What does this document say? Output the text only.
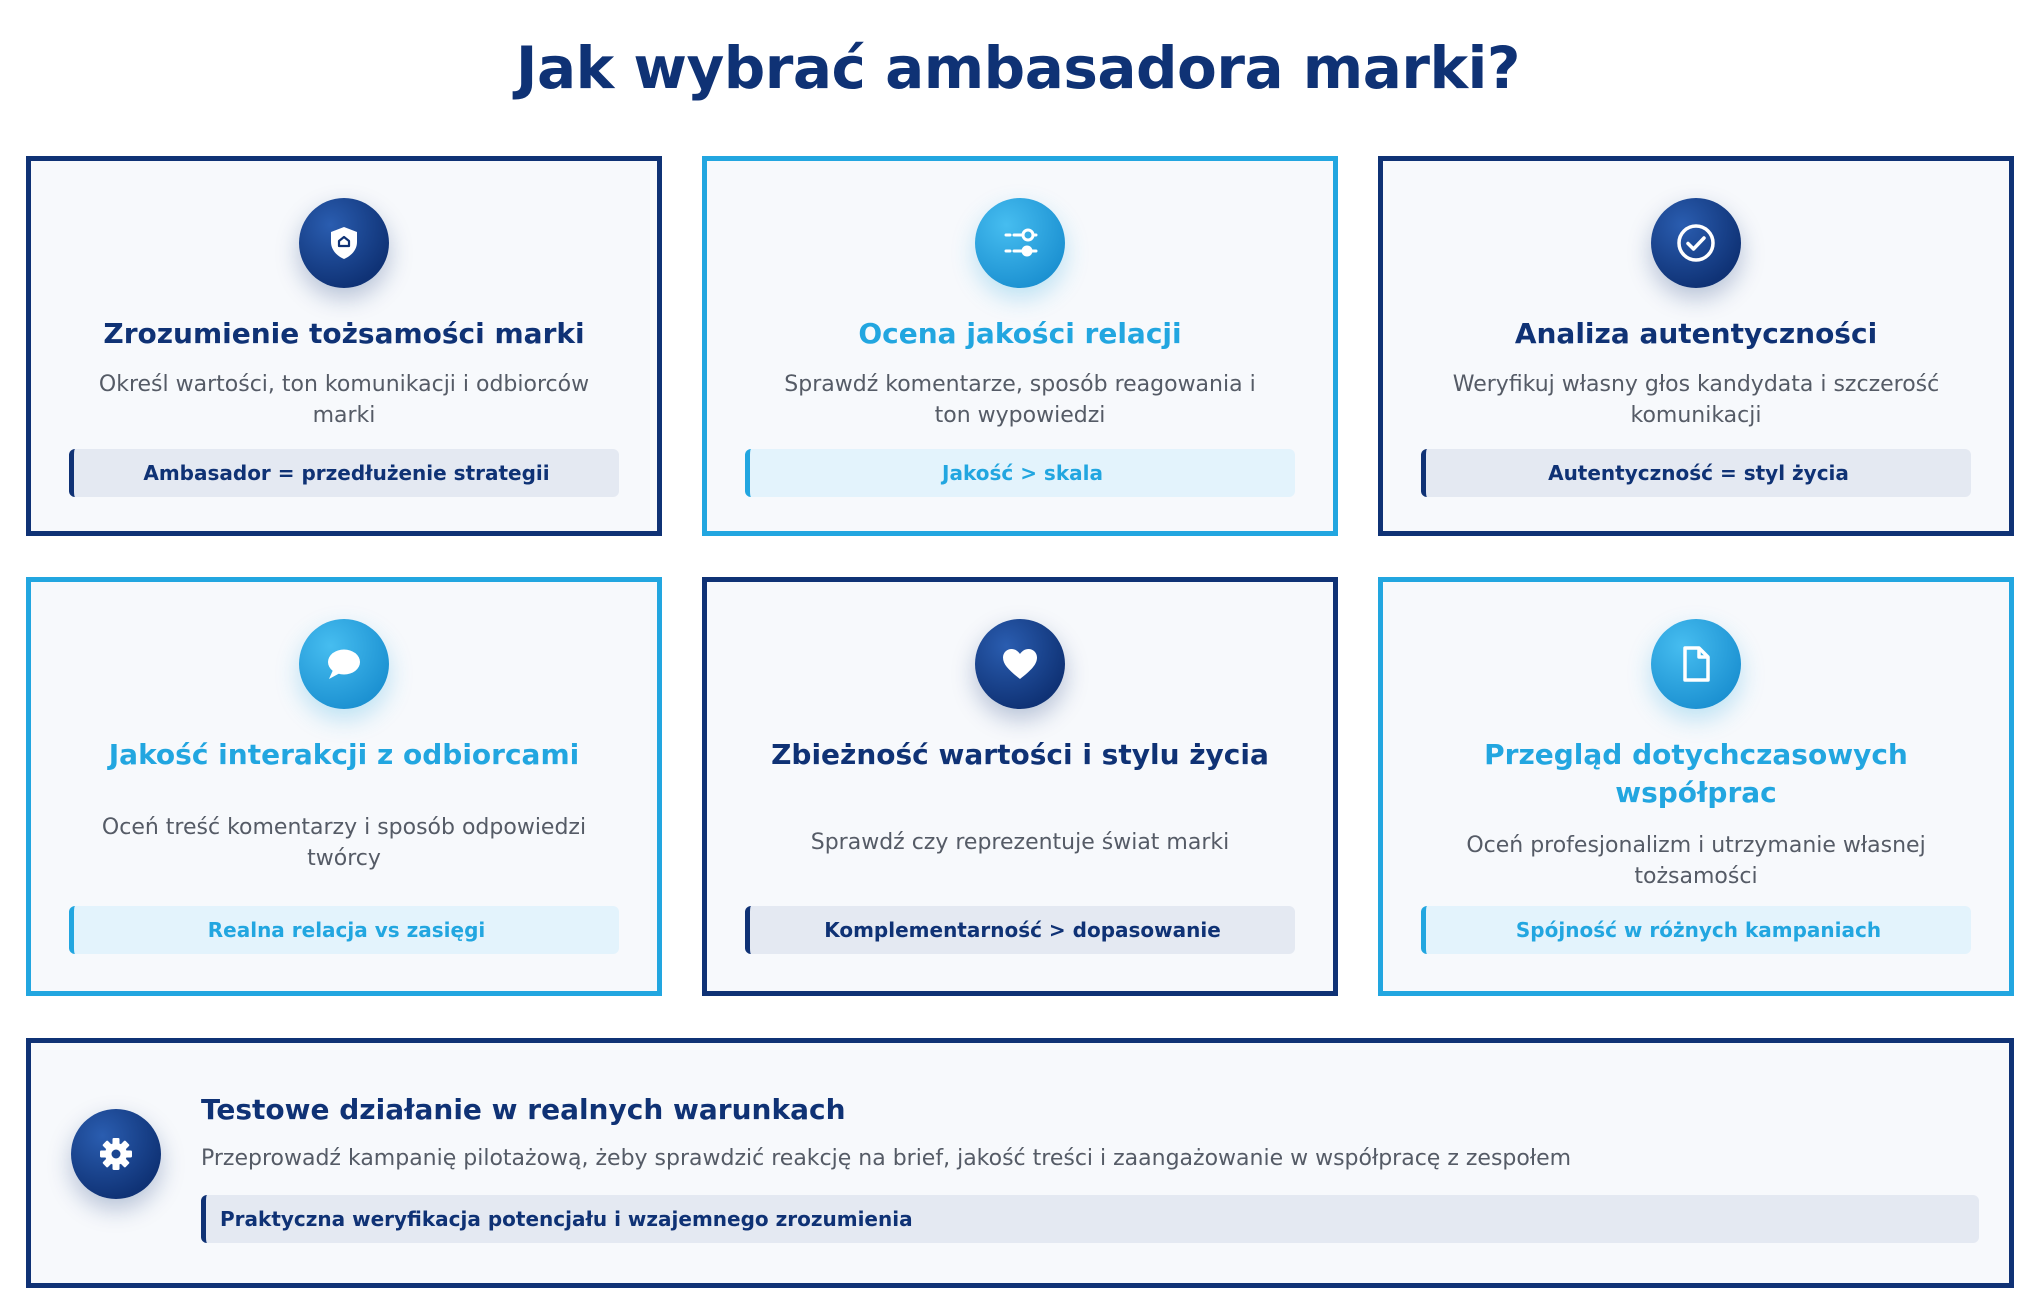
Jak wybrać ambasadora marki?
Zrozumienie tożsamości marki
Określ wartości, ton komunikacji i odbiorców marki
Ambasador = przedłużenie strategii
Ocena jakości relacji
Sprawdź komentarze, sposób reagowania i ton wypowiedzi
Jakość > skala
Analiza autentyczności
Weryfikuj własny głos kandydata i szczerość komunikacji
Autentyczność = styl życia
Jakość interakcji z odbiorcami
Oceń treść komentarzy i sposób odpowiedzi twórcy
Realna relacja vs zasięgi
Zbieżność wartości i stylu życia
Sprawdź czy reprezentuje świat marki
Komplementarność > dopasowanie
Przegląd dotychczasowych współprac
Oceń profesjonalizm i utrzymanie własnej tożsamości
Spójność w różnych kampaniach
Testowe działanie w realnych warunkach
Przeprowadź kampanię pilotażową, żeby sprawdzić reakcję na brief, jakość treści i zaangażowanie w współpracę z zespołem
Praktyczna weryfikacja potencjału i wzajemnego zrozumienia
